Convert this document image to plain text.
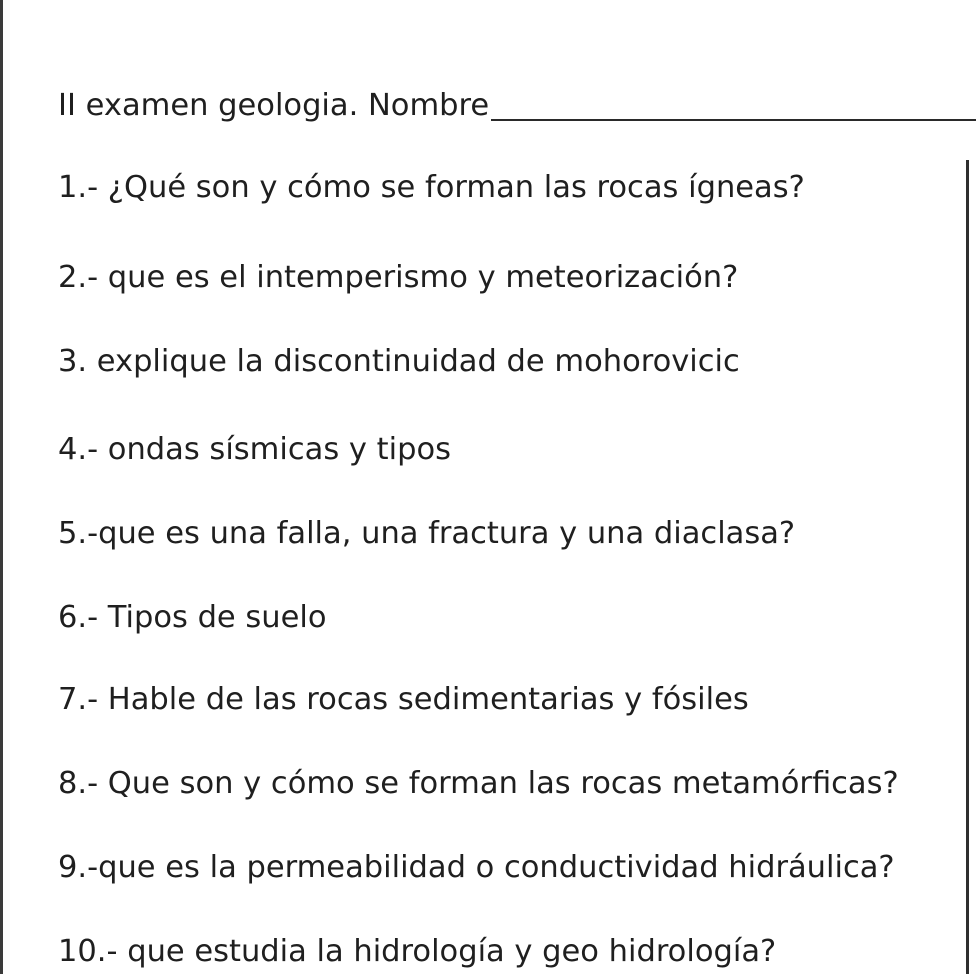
II examen geologia. Nombre
1.- ¿Qué son y cómo se forman las rocas ígneas?
2.- que es el intemperismo y meteorización?
3. explique la discontinuidad de mohorovicic
4.- ondas sísmicas y tipos
5.-que es una falla, una fractura y una diaclasa?
6.- Tipos de suelo
7.- Hable de las rocas sedimentarias y fósiles
8.- Que son y cómo se forman las rocas metamórficas?
9.-que es la permeabilidad o conductividad hidráulica?
10.- que estudia la hidrología y geo hidrología?
